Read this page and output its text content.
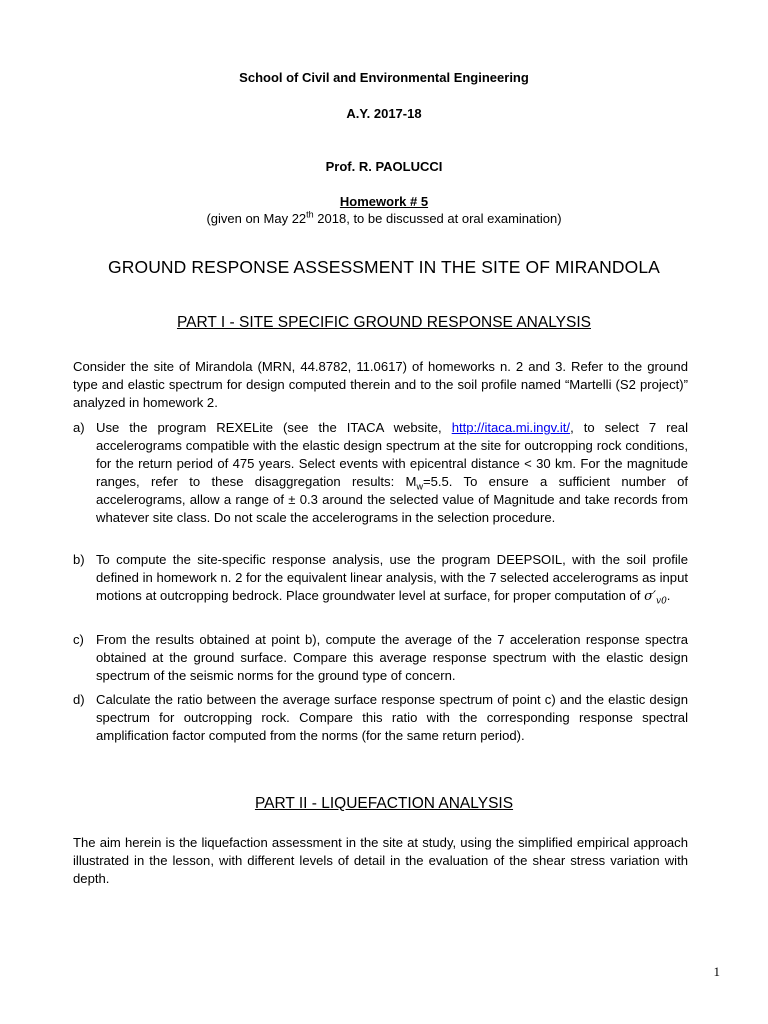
School of Civil and Environmental Engineering
A.Y. 2017-18
Prof. R. PAOLUCCI
Homework # 5
(given on May 22th 2018, to be discussed at oral examination)
GROUND RESPONSE ASSESSMENT IN THE SITE OF MIRANDOLA
PART I - SITE SPECIFIC GROUND RESPONSE ANALYSIS
Consider the site of Mirandola (MRN, 44.8782, 11.0617) of homeworks n. 2 and 3. Refer to the ground type and elastic spectrum for design computed therein and to the soil profile named “Martelli (S2 project)” analyzed in homework 2.
a) Use the program REXELite (see the ITACA website, http://itaca.mi.ingv.it/, to select 7 real accelerograms compatible with the elastic design spectrum at the site for outcropping rock conditions, for the return period of 475 years. Select events with epicentral distance < 30 km. For the magnitude ranges, refer to these disaggregation results: $M_w=5.5$. To ensure a sufficient number of accelerograms, allow a range of ± 0.3 around the selected value of Magnitude and take records from whatever site class. Do not scale the accelerograms in the selection procedure.
b) To compute the site-specific response analysis, use the program DEEPSOIL, with the soil profile defined in homework n. 2 for the equivalent linear analysis, with the 7 selected accelerograms as input motions at outcropping bedrock. Place groundwater level at surface, for proper computation of $\sigma'_{v0}$.
c) From the results obtained at point b), compute the average of the 7 acceleration response spectra obtained at the ground surface. Compare this average response spectrum with the elastic design spectrum of the seismic norms for the ground type of concern.
d) Calculate the ratio between the average surface response spectrum of point c) and the elastic design spectrum for outcropping rock. Compare this ratio with the corresponding response spectral amplification factor computed from the norms (for the same return period).
PART II - LIQUEFACTION ANALYSIS
The aim herein is the liquefaction assessment in the site at study, using the simplified empirical approach illustrated in the lesson, with different levels of detail in the evaluation of the shear stress variation with depth.
1
